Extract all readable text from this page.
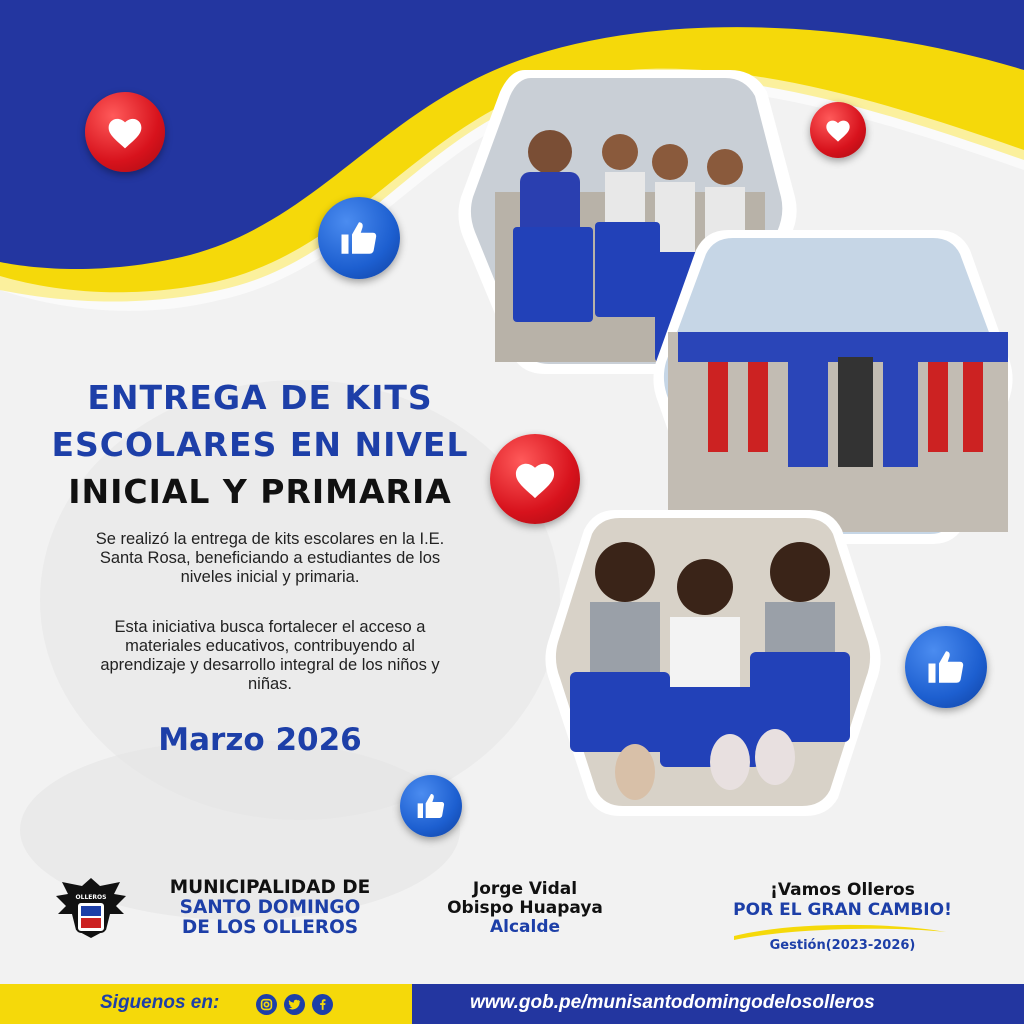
ENTREGA DE KITS
ESCOLARES EN NIVEL
INICIAL Y PRIMARIA
Se realizó la entrega de kits escolares en la I.E. Santa Rosa, beneficiando a estudiantes de los niveles inicial y primaria.
Esta iniciativa busca fortalecer el acceso a materiales educativos, contribuyendo al aprendizaje y desarrollo integral de los niños y niñas.
Marzo 2026
OLLEROS	MUNICIPALIDAD DE
SANTO DOMINGO
DE LOS OLLEROS
Jorge Vidal
Obispo Huapaya
Alcalde
¡Vamos Olleros
POR EL GRAN CAMBIO!
Gestión(2023-2026)
Siguenos en:	www.gob.pe/munisantodomingodelosolleros
